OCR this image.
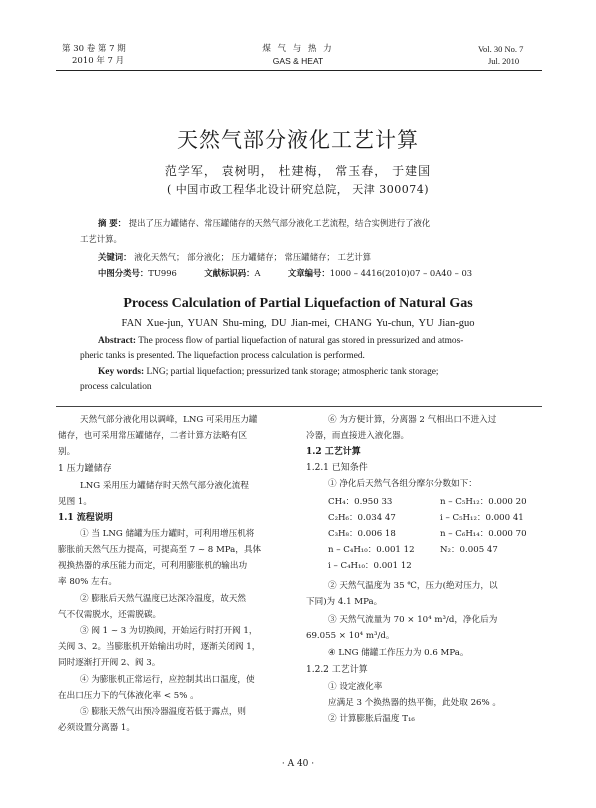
第 30 卷 第 7 期
2010 年 7 月
煤 气 与 热 力
GAS & HEAT
Vol. 30 No. 7
Jul. 2010
天然气部分液化工艺计算
范学军， 袁树明， 杜建梅， 常玉春， 于建国
( 中国市政工程华北设计研究总院， 天津 300074)
摘 要： 提出了压力罐储存、常压罐储存的天然气部分液化工艺流程，结合实例进行了液化
工艺计算。
关键词： 液化天然气； 部分液化； 压力罐储存； 常压罐储存； 工艺计算
中图分类号：TU996	文献标识码：A	文章编号：1000 – 4416(2010)07 – 0A40 – 03
Process Calculation of Partial Liquefaction of Natural Gas
FAN Xue-jun, YUAN Shu-ming, DU Jian-mei, CHANG Yu-chun, YU Jian-guo
Abstract: The process flow of partial liquefaction of natural gas stored in pressurized and atmos-
pheric tanks is presented. The liquefaction process calculation is performed.
Key words: LNG; partial liquefaction; pressurized tank storage; atmospheric tank storage;
process calculation
天然气部分液化用以调峰，LNG 可采用压力罐
储存，也可采用常压罐储存，二者计算方法略有区
别。
1 压力罐储存
LNG 采用压力罐储存时天然气部分液化流程
见图 1。
1.1 流程说明
① 当 LNG 储罐为压力罐时，可利用增压机将
膨胀前天然气压力提高，可提高至 7 ~ 8 MPa，具体
视换热器的承压能力而定，可利用膨胀机的输出功
率 80% 左右。
② 膨胀后天然气温度已达深冷温度，故天然
气不仅需脱水，还需脱碳。
③ 阀 1 ~ 3 为切换阀，开始运行时打开阀 1，
关阀 3、2。当膨胀机开始输出功时，逐渐关闭阀 1，
同时逐渐打开阀 2、阀 3。
④ 为膨胀机正常运行，应控制其出口温度，使
在出口压力下的气体液化率 < 5% 。
⑤ 膨胀天然气出预冷器温度若低于露点，则
必须设置分离器 1。
⑥ 为方便计算，分离器 2 气相出口不进入过
冷器，而直接进入液化器。
1.2 工艺计算
1.2.1 已知条件
① 净化后天然气各组分摩尔分数如下：
CH₄：0.950 33	n – C₅H₁₂：0.000 20
C₂H₆：0.034 47	i – C₅H₁₂：0.000 41
C₃H₈：0.006 18	n – C₆H₁₄：0.000 70
n – C₄H₁₀：0.001 12	N₂：0.005 47
i – C₄H₁₀：0.001 12
② 天然气温度为 35 ℃，压力(绝对压力，以
下同)为 4.1 MPa。
③ 天然气流量为 70 × 10⁴ m³/d，净化后为
69.055 × 10⁴ m³/d。
④ LNG 储罐工作压力为 0.6 MPa。
1.2.2 工艺计算
① 设定液化率
应满足 3 个换热器的热平衡，此处取 26% 。
② 计算膨胀后温度 T₁₆
· A 40 ·
